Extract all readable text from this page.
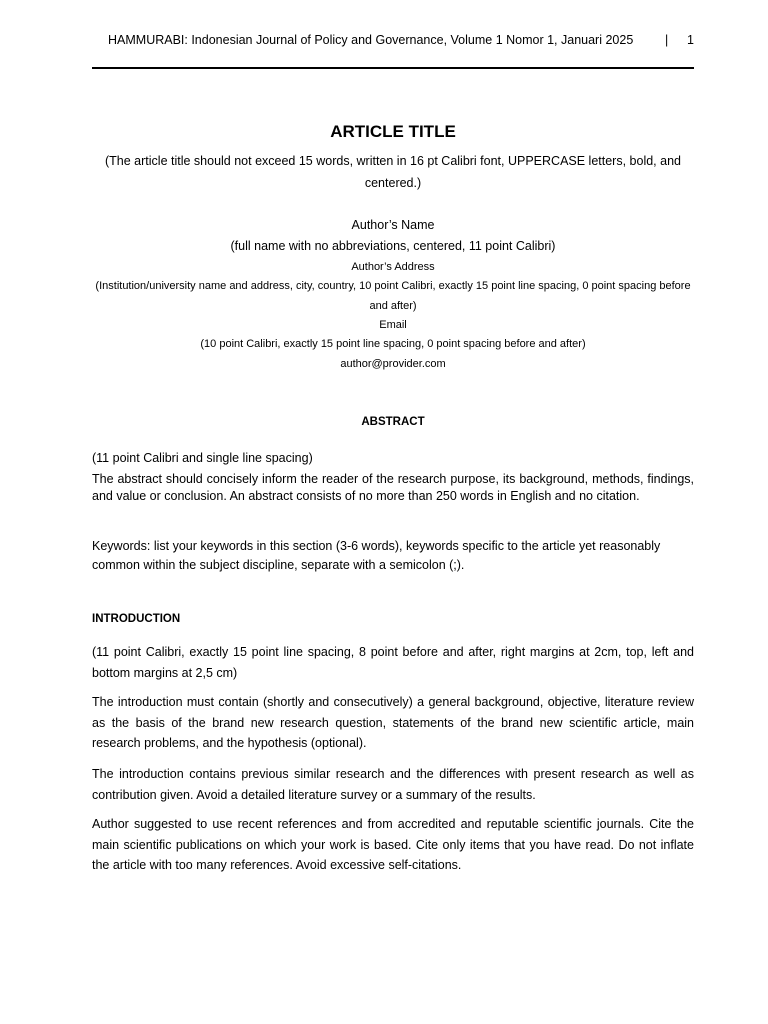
HAMMURABI: Indonesian Journal of Policy and Governance, Volume 1 Nomor 1, Januari 2025	| 1
ARTICLE TITLE
(The article title should not exceed 15 words, written in 16 pt Calibri font, UPPERCASE letters, bold, and centered.)
Author’s Name
(full name with no abbreviations, centered, 11 point Calibri)
Author’s Address
(Institution/university name and address, city, country, 10 point Calibri, exactly 15 point line spacing, 0 point spacing before and after)
Email
(10 point Calibri, exactly 15 point line spacing, 0 point spacing before and after)
author@provider.com
ABSTRACT
(11 point Calibri and single line spacing)
The abstract should concisely inform the reader of the research purpose, its background, methods, findings, and value or conclusion. An abstract consists of no more than 250 words in English and no citation.
Keywords: list your keywords in this section (3-6 words), keywords specific to the article yet reasonably common within the subject discipline, separate with a semicolon (;).
INTRODUCTION
(11 point Calibri, exactly 15 point line spacing, 8 point before and after, right margins at 2cm, top, left and bottom margins at 2,5 cm)
The introduction must contain (shortly and consecutively) a general background, objective, literature review as the basis of the brand new research question, statements of the brand new scientific article, main research problems, and the hypothesis (optional).
The introduction contains previous similar research and the differences with present research as well as contribution given. Avoid a detailed literature survey or a summary of the results.
Author suggested to use recent references and from accredited and reputable scientific journals. Cite the main scientific publications on which your work is based. Cite only items that you have read. Do not inflate the article with too many references. Avoid excessive self-citations.
